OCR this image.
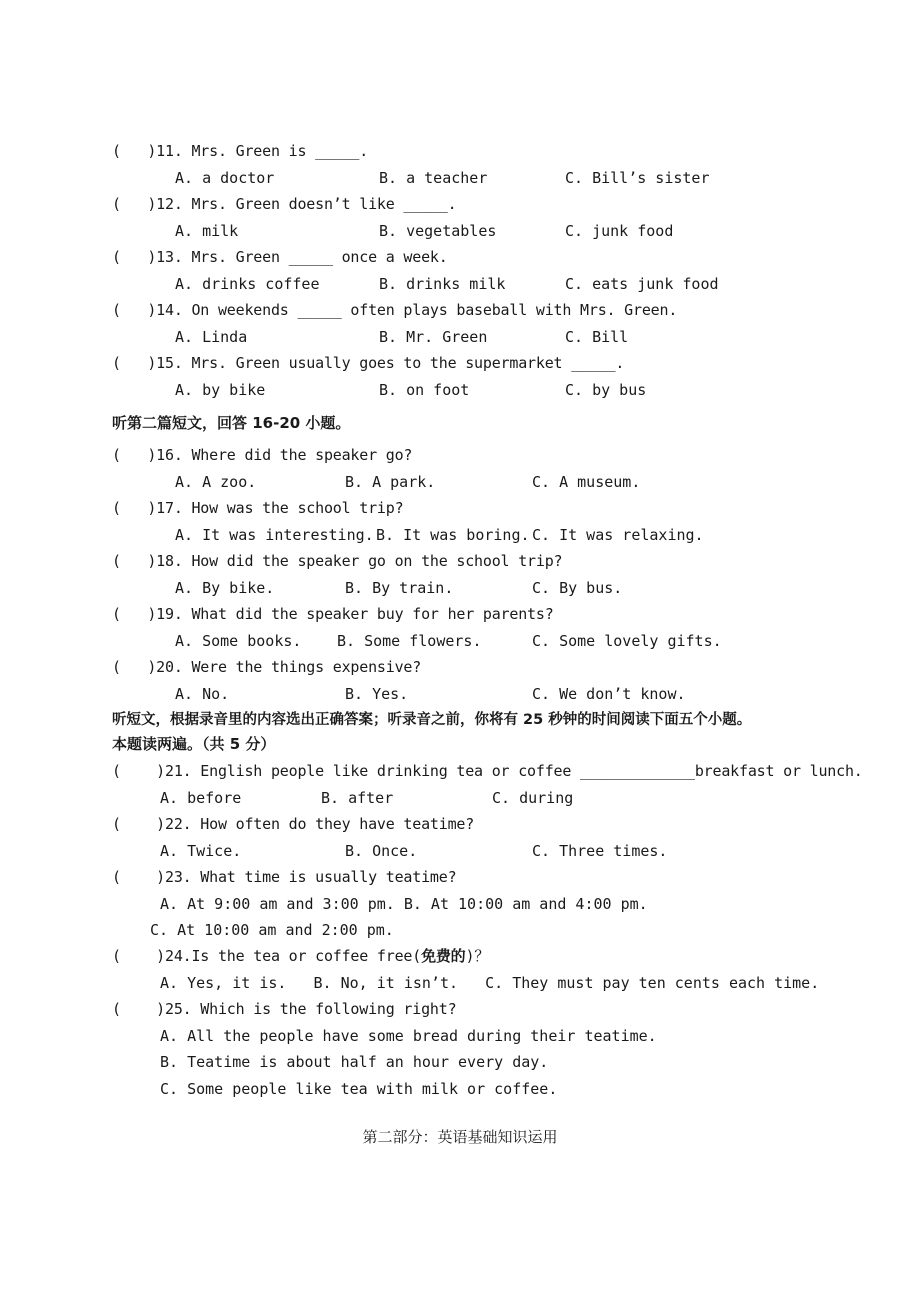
(   )11. Mrs. Green is _____.
A. a doctor	B. a teacher	C. Bill’s sister
(   )12. Mrs. Green doesn’t like _____.
A. milk	B. vegetables	C. junk food
(   )13. Mrs. Green _____ once a week.
A. drinks coffee	B. drinks milk	C. eats junk food
(   )14. On weekends _____ often plays baseball with Mrs. Green.
A. Linda	B. Mr. Green	C. Bill
(   )15. Mrs. Green usually goes to the supermarket _____.
A. by bike	B. on foot	C. by bus
听第二篇短文，回答 16-20 小题。
(   )16. Where did the speaker go?
A. A zoo.	B. A park.	C. A museum.
(   )17. How was the school trip?
A. It was interesting. B. It was boring. C. It was relaxing.
(   )18. How did the speaker go on the school trip?
A. By bike.	B. By train.	C. By bus.
(   )19. What did the speaker buy for her parents?
A. Some books. B. Some flowers.	C. Some lovely gifts.
(   )20. Were the things expensive?
A. No.	B. Yes.	C. We don’t know.
听短文，根据录音里的内容选出正确答案；听录音之前，你将有 25 秒钟的时间阅读下面五个小题。
本题读两遍。（共 5 分）
(    )21. English people like drinking tea or coffee _____________breakfast or lunch.
A. before	B. after	C. during
(    )22. How often do they have teatime?
A. Twice.	B. Once.	C. Three times.
(    )23. What time is usually teatime?
A. At 9:00 am and 3:00 pm. B. At 10:00 am and 4:00 pm.
C. At 10:00 am and 2:00 pm.
(    )24.Is the tea or coffee free(免费的)？
A. Yes, it is.   B. No, it isn’t.   C. They must pay ten cents each time.
(    )25. Which is the following right?
A. All the people have some bread during their teatime.
B. Teatime is about half an hour every day.
C. Some people like tea with milk or coffee.
第二部分：英语基础知识运用
